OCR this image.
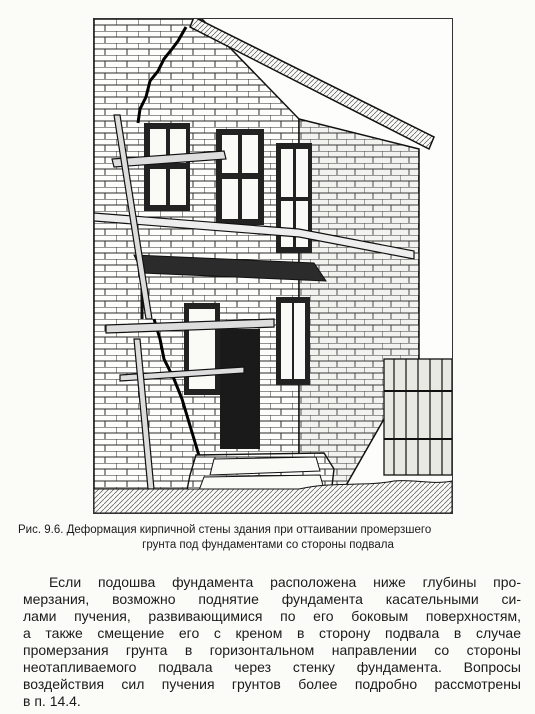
Рис. 9.6. Деформация кирпичной стены здания при оттаивании промерзшего
грунта под фундаментами со стороны подвала

Если подошва фундамента расположена ниже глубины про-
мерзания, возможно поднятие фундамента касательными си-
лами пучения, развивающимися по его боковым поверхностям,
а также смещение его с креном в сторону подвала в случае
промерзания грунта в горизонтальном направлении со стороны
неотапливаемого подвала через стенку фундамента. Вопросы
воздействия сил пучения грунтов более подробно рассмотрены
в п. 14.4.
